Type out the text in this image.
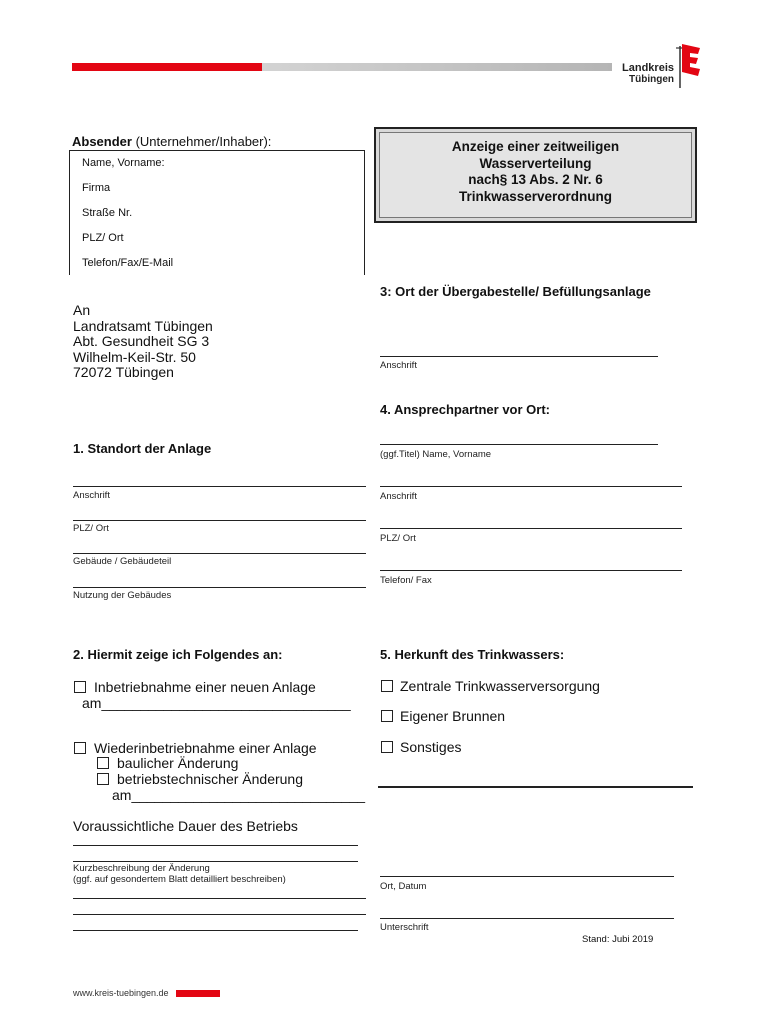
Landkreis
Tübingen
Absender (Unternehmer/Inhaber):
Name, Vorname:
Firma
Straße Nr.
PLZ/ Ort
Telefon/Fax/E-Mail
Anzeige einer zeitweiligen
Wasserverteilung
nach§ 13 Abs. 2 Nr. 6
Trinkwasserverordnung
An
Landratsamt Tübingen
Abt. Gesundheit SG 3
Wilhelm-Keil-Str. 50
72072 Tübingen
3: Ort der Übergabestelle/ Befüllungsanlage
Anschrift
4. Ansprechpartner vor Ort:
(ggf.Titel) Name, Vorname
Anschrift
PLZ/ Ort
Telefon/ Fax
1. Standort der Anlage
Anschrift
PLZ/ Ort
Gebäude / Gebäudeteil
Nutzung der Gebäudes
2. Hiermit zeige ich Folgendes an:
Inbetriebnahme einer neuen Anlage
am________________________________
Wiederinbetriebnahme einer Anlage
baulicher Änderung
betriebstechnischer Änderung
am______________________________
Voraussichtliche Dauer des Betriebs
Kurzbeschreibung der Änderung
(ggf. auf gesondertem Blatt detailliert beschreiben)
5. Herkunft des Trinkwassers:
Zentrale Trinkwasserversorgung
Eigener Brunnen
Sonstiges
Ort, Datum
Unterschrift
Stand: Jubi 2019
www.kreis-tuebingen.de
